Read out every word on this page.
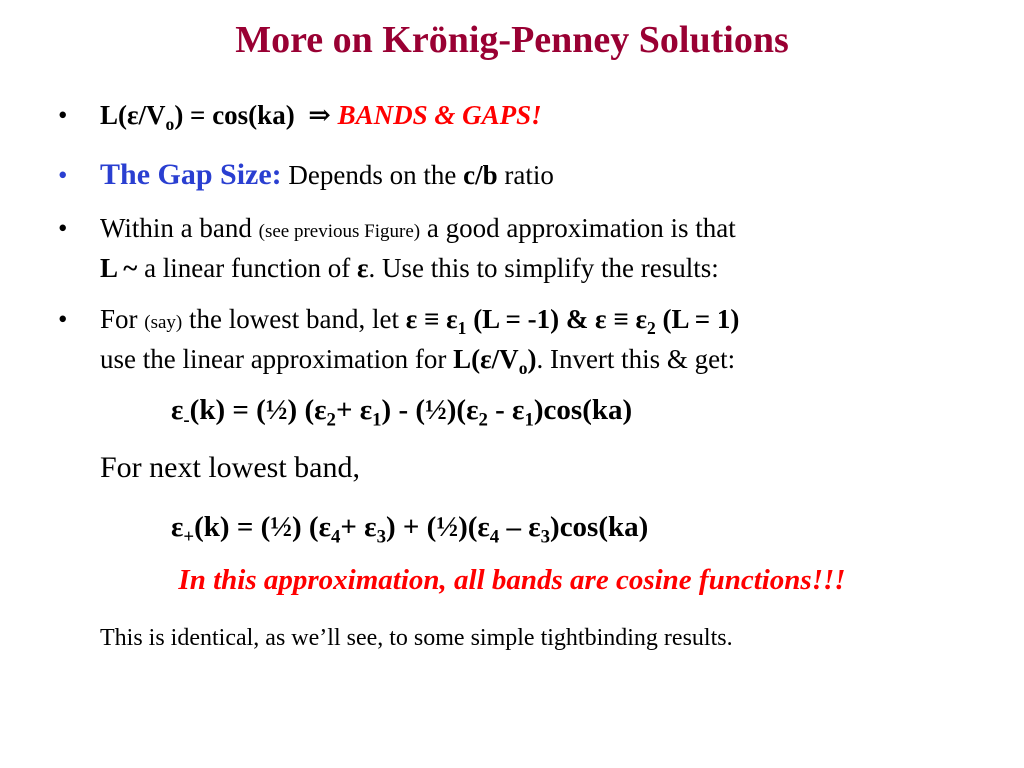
More on Krönig-Penney Solutions
• $L(\varepsilon/V_o) = \cos(ka)$ ⇒ BANDS & GAPS!
• The Gap Size: Depends on the c/b ratio
• Within a band (see previous Figure) a good approximation is that
L ~ a linear function of ε. Use this to simplify the results:
• For (say) the lowest band, let $\varepsilon \equiv \varepsilon_1$ (L = -1) & $\varepsilon \equiv \varepsilon_2$ (L = 1)
use the linear approximation for $L(\varepsilon/V_o)$. Invert this & get:
$\varepsilon_-(k)$ = (½) $(\varepsilon_2+ \varepsilon_1)$ - $(\frac{1}{2})(\varepsilon_2 - \varepsilon_1)\cos(ka)$
For next lowest band,
$\varepsilon_+(k)$ = (½) $(\varepsilon_4+ \varepsilon_3)$ + $(\frac{1}{2})(\varepsilon_4 - \varepsilon_3)\cos(ka)$
In this approximation, all bands are cosine functions!!!
This is identical, as we’ll see, to some simple tightbinding results.
